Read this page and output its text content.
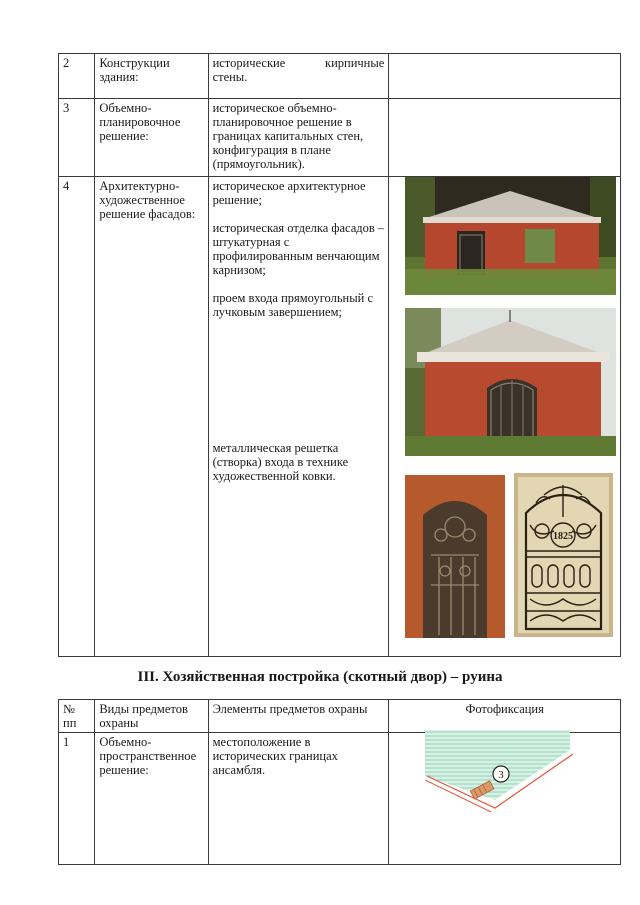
2	Конструкции здания:	исторические кирпичные стены.	
3	Объемно-планировочное решение:	историческое объемно-планировочное решение в границах капитальных стен, конфигурация в плане (прямоугольник).	
4	Архитектурно-художественное решение фасадов:	историческое архитектурное решение;
историческая отделка фасадов – штукатурная с профилированным венчающим карнизом;
проем входа прямоугольный с лучковым завершением;
металлическая решетка (створка) входа в технике художественной ковки.	

1825
III. Хозяйственная постройка (скотный двор) – руина
№ пп	Виды предметов охраны	Элементы предметов охраны	Фотофиксация
1	Объемно-пространственное решение:	местоположение в исторических границах ансамбля.		3
